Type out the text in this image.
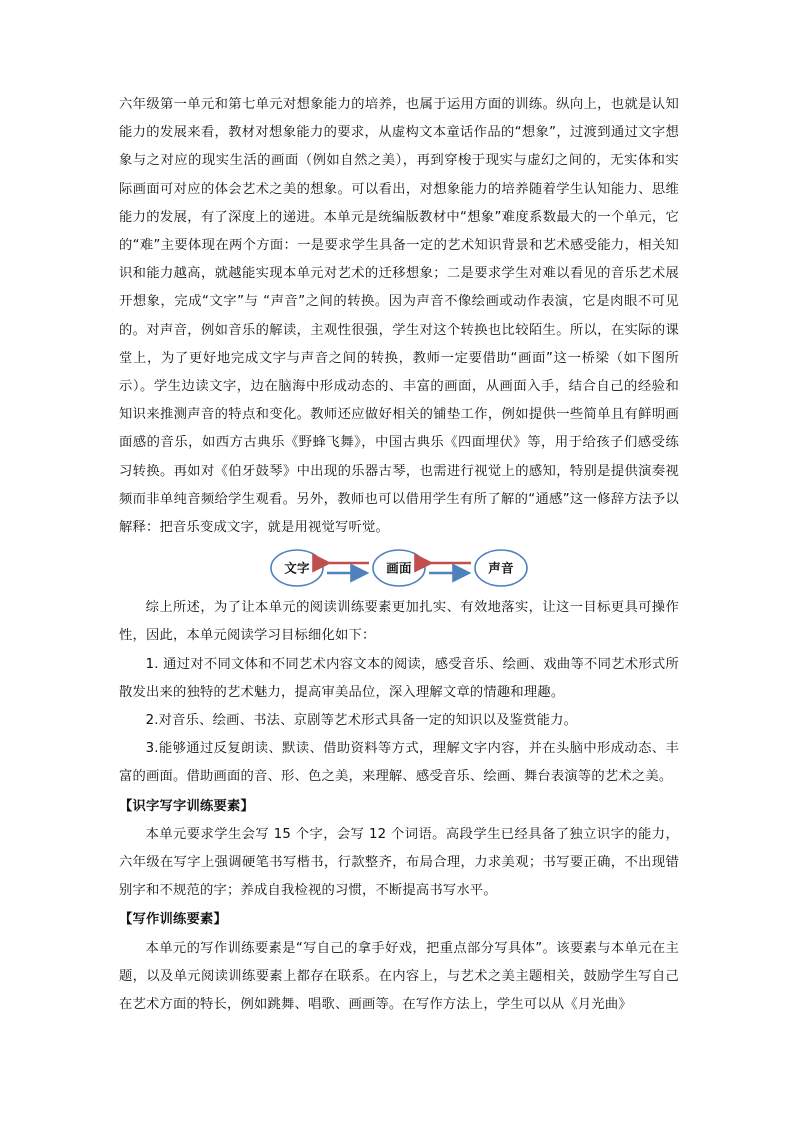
六年级第一单元和第七单元对想象能力的培养，也属于运用方面的训练。纵向上，也就是认知能力的发展来看，教材对想象能力的要求，从虚构文本童话作品的“想象”，过渡到通过文字想象与之对应的现实生活的画面（例如自然之美），再到穿梭于现实与虚幻之间的，无实体和实际画面可对应的体会艺术之美的想象。可以看出，对想象能力的培养随着学生认知能力、思维能力的发展，有了深度上的递进。本单元是统编版教材中“想象”难度系数最大的一个单元，它的“难”主要体现在两个方面：一是要求学生具备一定的艺术知识背景和艺术感受能力，相关知识和能力越高，就越能实现本单元对艺术的迁移想象；二是要求学生对难以看见的音乐艺术展开想象，完成“文字”与 “声音”之间的转换。因为声音不像绘画或动作表演，它是肉眼不可见的。对声音，例如音乐的解读，主观性很强，学生对这个转换也比较陌生。所以，在实际的课堂上，为了更好地完成文字与声音之间的转换，教师一定要借助“画面”这一桥梁（如下图所示）。学生边读文字，边在脑海中形成动态的、丰富的画面，从画面入手，结合自己的经验和知识来推测声音的特点和变化。教师还应做好相关的铺垫工作，例如提供一些简单且有鲜明画面感的音乐，如西方古典乐《野蜂飞舞》，中国古典乐《四面埋伏》等，用于给孩子们感受练习转换。再如对《伯牙鼓琴》中出现的乐器古琴，也需进行视觉上的感知，特别是提供演奏视频而非单纯音频给学生观看。另外，教师也可以借用学生有所了解的“通感”这一修辞方法予以解释：把音乐变成文字，就是用视觉写听觉。

文字	画面	声音

综上所述，为了让本单元的阅读训练要素更加扎实、有效地落实，让这一目标更具可操作性，因此，本单元阅读学习目标细化如下：

1. 通过对不同文体和不同艺术内容文本的阅读，感受音乐、绘画、戏曲等不同艺术形式所散发出来的独特的艺术魅力，提高审美品位，深入理解文章的情趣和理趣。

2.对音乐、绘画、书法、京剧等艺术形式具备一定的知识以及鉴赏能力。

3.能够通过反复朗读、默读、借助资料等方式，理解文字内容，并在头脑中形成动态、丰富的画面。借助画面的音、形、色之美，来理解、感受音乐、绘画、舞台表演等的艺术之美。

【识字写字训练要素】

本单元要求学生会写 15 个字，会写 12 个词语。高段学生已经具备了独立识字的能力，六年级在写字上强调硬笔书写楷书，行款整齐，布局合理，力求美观；书写要正确，不出现错别字和不规范的字；养成自我检视的习惯，不断提高书写水平。

【写作训练要素】

本单元的写作训练要素是“写自己的拿手好戏，把重点部分写具体”。该要素与本单元在主题，以及单元阅读训练要素上都存在联系。在内容上，与艺术之美主题相关，鼓励学生写自己在艺术方面的特长，例如跳舞、唱歌、画画等。在写作方法上，学生可以从《月光曲》
